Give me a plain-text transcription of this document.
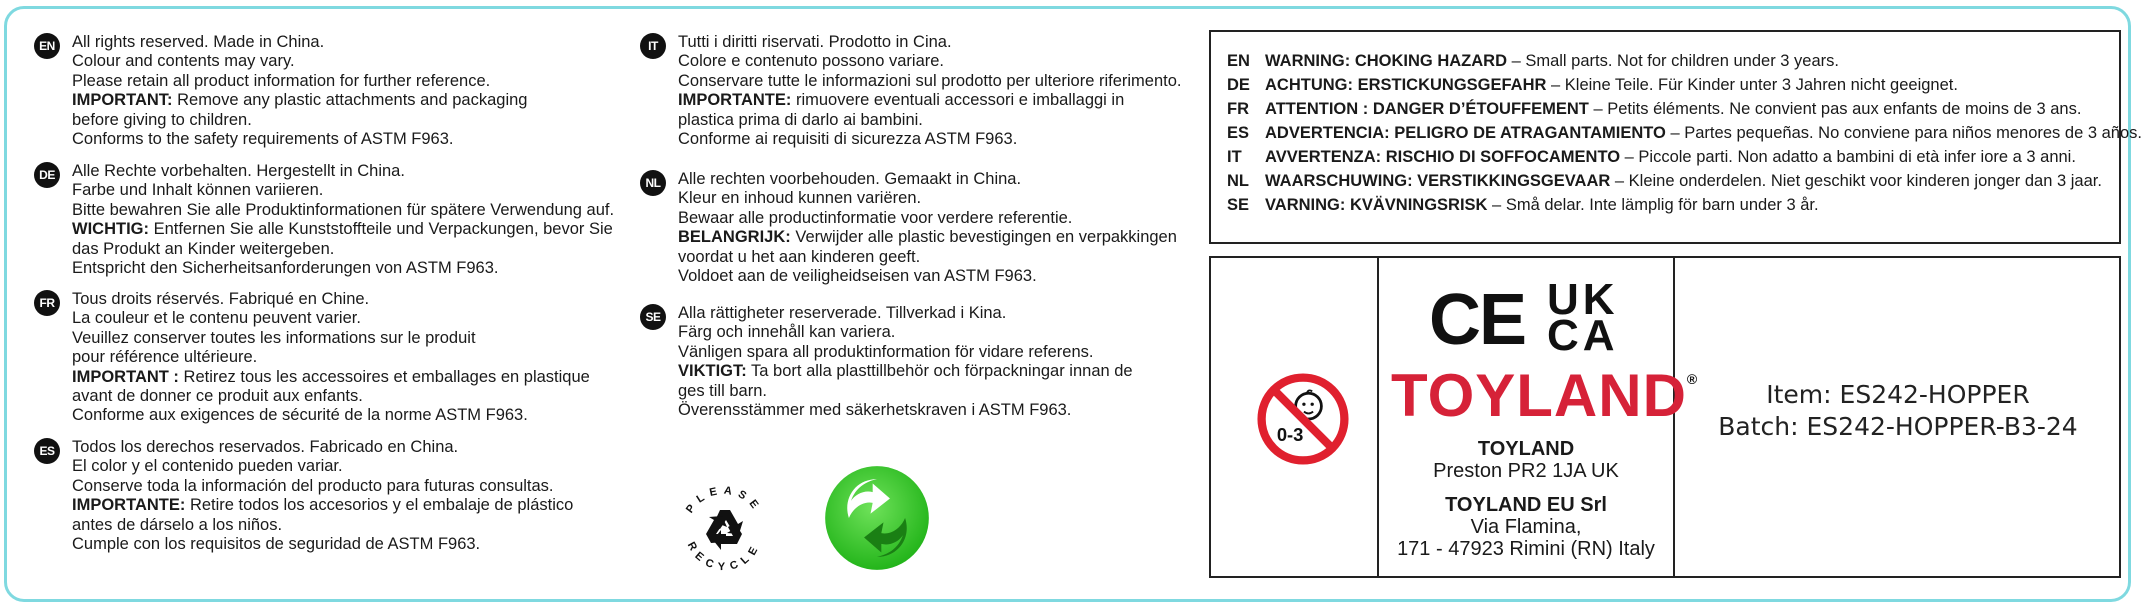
EN	All rights reserved. Made in China.
Colour and contents may vary.
Please retain all product information for further reference.
IMPORTANT: Remove any plastic attachments and packaging
before giving to children.
Conforms to the safety requirements of ASTM F963.
DE	Alle Rechte vorbehalten. Hergestellt in China.
Farbe und Inhalt können variieren.
Bitte bewahren Sie alle Produktinformationen für spätere Verwendung auf.
WICHTIG: Entfernen Sie alle Kunststoffteile und Verpackungen, bevor Sie
das Produkt an Kinder weitergeben.
Entspricht den Sicherheitsanforderungen von ASTM F963.
FR	Tous droits réservés. Fabriqué en Chine.
La couleur et le contenu peuvent varier.
Veuillez conserver toutes les informations sur le produit
pour référence ultérieure.
IMPORTANT : Retirez tous les accessoires et emballages en plastique
avant de donner ce produit aux enfants.
Conforme aux exigences de sécurité de la norme ASTM F963.
ES	Todos los derechos reservados. Fabricado en China.
El color y el contenido pueden variar.
Conserve toda la información del producto para futuras consultas.
IMPORTANTE: Retire todos los accesorios y el embalaje de plástico
antes de dárselo a los niños.
Cumple con los requisitos de seguridad de ASTM F963.
IT	Tutti i diritti riservati. Prodotto in Cina.
Colore e contenuto possono variare.
Conservare tutte le informazioni sul prodotto per ulteriore riferimento.
IMPORTANTE: rimuovere eventuali accessori e imballaggi in
plastica prima di darlo ai bambini.
Conforme ai requisiti di sicurezza ASTM F963.
NL	Alle rechten voorbehouden. Gemaakt in China.
Kleur en inhoud kunnen variëren.
Bewaar alle productinformatie voor verdere referentie.
BELANGRIJK: Verwijder alle plastic bevestigingen en verpakkingen
voordat u het aan kinderen geeft.
Voldoet aan de veiligheidseisen van ASTM F963.
SE	Alla rättigheter reserverade. Tillverkad i Kina.
Färg och innehåll kan variera.
Vänligen spara all produktinformation för vidare referens.
VIKTIGT: Ta bort alla plasttillbehör och förpackningar innan de
ges till barn.
Överensstämmer med säkerhetskraven i ASTM F963.
PLEASE
RECYCLE
EN WARNING: CHOKING HAZARD – Small parts. Not for children under 3 years.
DE ACHTUNG: ERSTICKUNGSGEFAHR – Kleine Teile. Für Kinder unter 3 Jahren nicht geeignet.
FR ATTENTION : DANGER D’ÉTOUFFEMENT – Petits éléments. Ne convient pas aux enfants de moins de 3 ans.
ES ADVERTENCIA: PELIGRO DE ATRAGANTAMIENTO – Partes pequeñas. No conviene para niños menores de 3 años.
IT AVVERTENZA: RISCHIO DI SOFFOCAMENTO – Piccole parti. Non adatto a bambini di età infer iore a 3 anni.
NL WAARSCHUWING: VERSTIKKINGSGEVAAR – Kleine onderdelen. Niet geschikt voor kinderen jonger dan 3 jaar.
SE VARNING: KVÄVNINGSRISK – Små delar. Inte lämplig för barn under 3 år.
0-3
CE UK
CA
TOYLAND®
TOYLAND
Preston PR2 1JA UK
TOYLAND EU Srl
Via Flamina,
171 - 47923 Rimini (RN) Italy
Item: ES242-HOPPER
Batch: ES242-HOPPER-B3-24
